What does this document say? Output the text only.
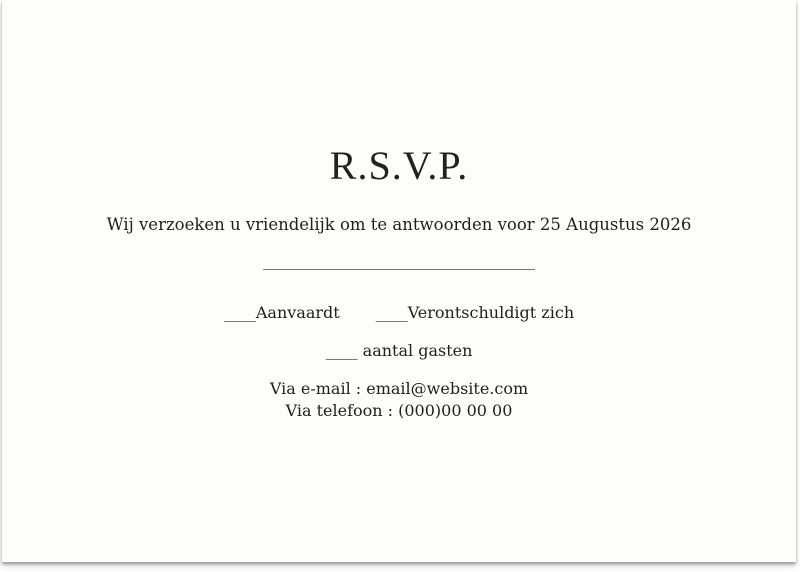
R.S.V.P.
Wij verzoeken u vriendelijk om te antwoorden voor 25 Augustus 2026
__________________________________
____Aanvaardt ____Verontschuldigt zich
____ aantal gasten
Via e-mail : email@website.com
Via telefoon : (000)00 00 00
